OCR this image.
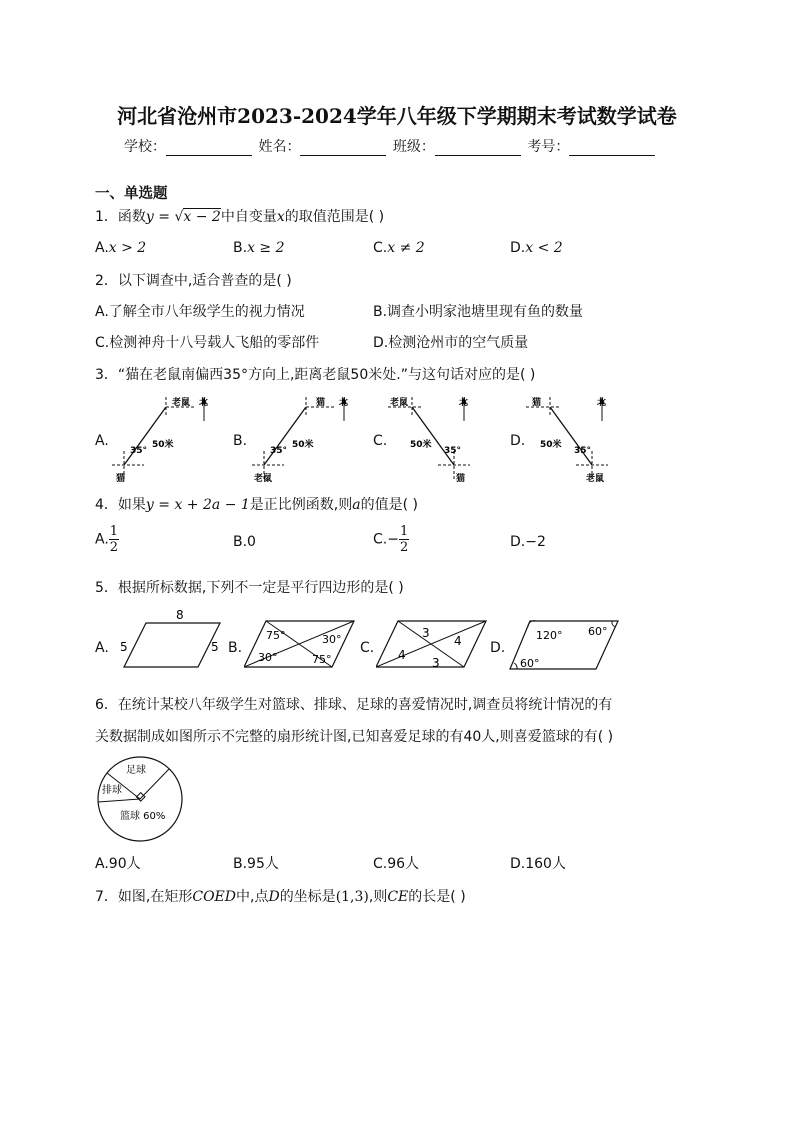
河北省沧州市2023-2024学年八年级下学期期末考试数学试卷
学校：	姓名：	班级：	考号：
一、单选题
1．函数y = √x − 2中自变量x的取值范围是( )
A.x > 2	B.x ≥ 2	C.x ≠ 2	D.x < 2
2．以下调查中,适合普查的是( )
A.了解全市八年级学生的视力情况	B.调查小明家池塘里现有鱼的数量
C.检测神舟十八号载人飞船的零部件	D.检测沧州市的空气质量
3．“猫在老鼠南偏西35°方向上,距离老鼠50米处.”与这句话对应的是( )
A.
老鼠 北
50米
35°
猫
B.
猫 北
50米
35°
老鼠
C.
老鼠	北
50米
35°
猫
D.
猫	北
50米
35°
老鼠
4．如果y = x + 2a − 1是正比例函数,则a的值是( )
A. $\frac{1}{2}$	B.0	$C.- \frac{1}{2}$	D.−2
5．根据所标数据,下列不一定是平行四边形的是( )
A.
8
5	5 B.
75°
30°
30°
75°
C.
3
4
4
3
D.
120° 60°
60°
6．在统计某校八年级学生对篮球、排球、足球的喜爱情况时,调查员将统计情况的有
关数据制成如图所示不完整的扇形统计图,已知喜爱足球的有40人,则喜爱篮球的有( )
足球
排球
篮球 60%
A.90人	B.95人	C.96人	D.160人
7．如图,在矩形COED中,点D的坐标是(1,3),则CE的长是( )
